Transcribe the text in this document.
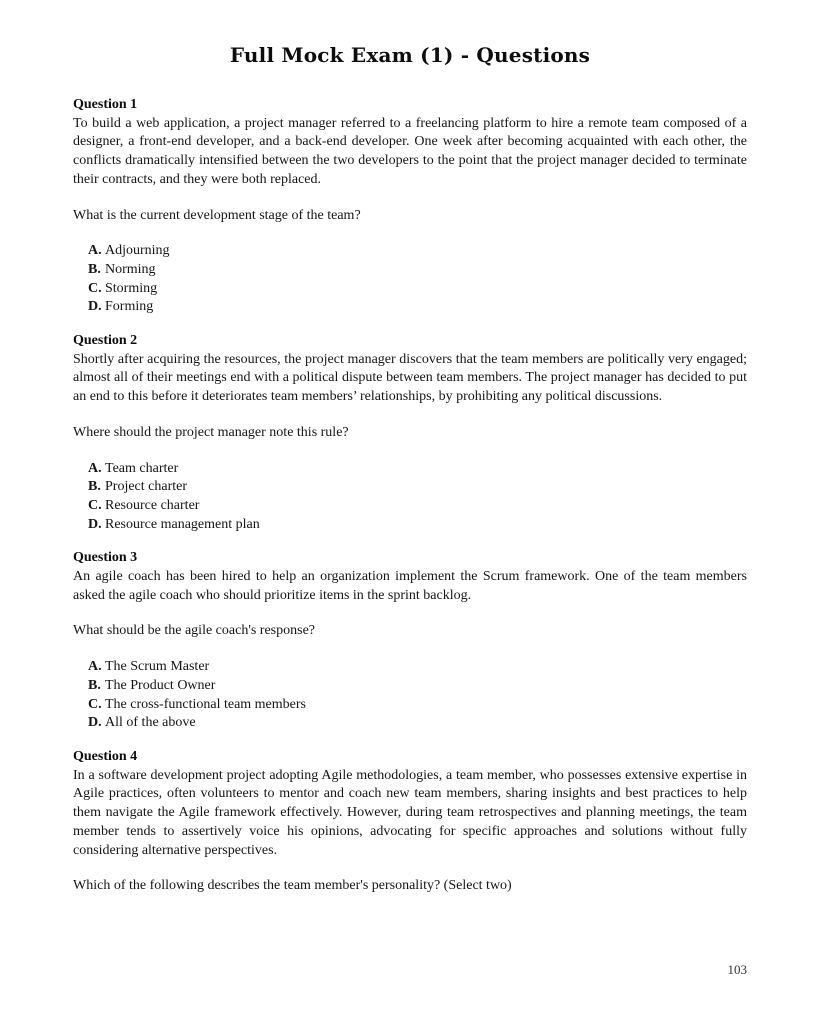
Full Mock Exam (1) - Questions
Question 1
To build a web application, a project manager referred to a freelancing platform to hire a remote team composed of a designer, a front-end developer, and a back-end developer. One week after becoming acquainted with each other, the conflicts dramatically intensified between the two developers to the point that the project manager decided to terminate their contracts, and they were both replaced.
What is the current development stage of the team?
A. Adjourning
B. Norming
C. Storming
D. Forming
Question 2
Shortly after acquiring the resources, the project manager discovers that the team members are politically very engaged; almost all of their meetings end with a political dispute between team members. The project manager has decided to put an end to this before it deteriorates team members’ relationships, by prohibiting any political discussions.
Where should the project manager note this rule?
A. Team charter
B. Project charter
C. Resource charter
D. Resource management plan
Question 3
An agile coach has been hired to help an organization implement the Scrum framework. One of the team members asked the agile coach who should prioritize items in the sprint backlog.
What should be the agile coach's response?
A. The Scrum Master
B. The Product Owner
C. The cross-functional team members
D. All of the above
Question 4
In a software development project adopting Agile methodologies, a team member, who possesses extensive expertise in Agile practices, often volunteers to mentor and coach new team members, sharing insights and best practices to help them navigate the Agile framework effectively. However, during team retrospectives and planning meetings, the team member tends to assertively voice his opinions, advocating for specific approaches and solutions without fully considering alternative perspectives.
Which of the following describes the team member's personality? (Select two)
103
